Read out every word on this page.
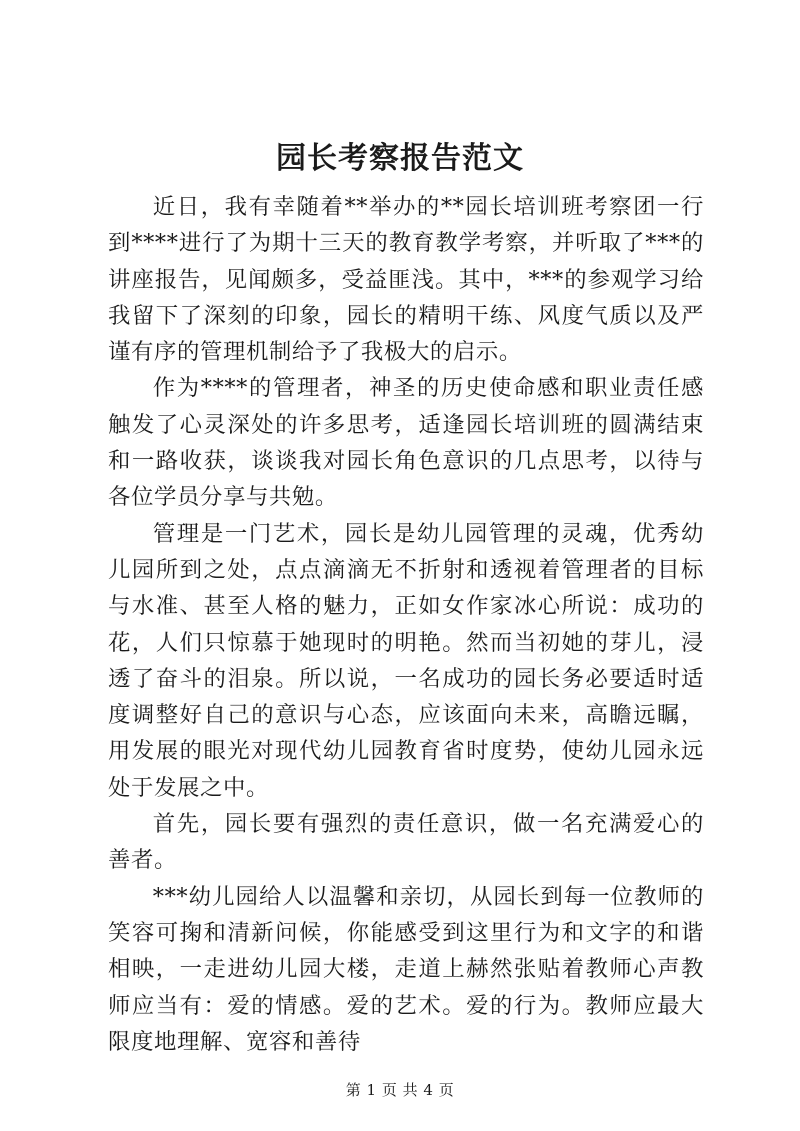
园长考察报告范文

近日，我有幸随着**举办的**园长培训班考察团一行到****进行了为期十三天的教育教学考察，并听取了***的讲座报告，见闻颇多，受益匪浅。其中，***的参观学习给我留下了深刻的印象，园长的精明干练、风度气质以及严谨有序的管理机制给予了我极大的启示。

作为****的管理者，神圣的历史使命感和职业责任感触发了心灵深处的许多思考，适逢园长培训班的圆满结束和一路收获，谈谈我对园长角色意识的几点思考，以待与各位学员分享与共勉。

管理是一门艺术，园长是幼儿园管理的灵魂，优秀幼儿园所到之处，点点滴滴无不折射和透视着管理者的目标与水准、甚至人格的魅力，正如女作家冰心所说：成功的花，人们只惊慕于她现时的明艳。然而当初她的芽儿，浸透了奋斗的泪泉。所以说，一名成功的园长务必要适时适度调整好自己的意识与心态，应该面向未来，高瞻远瞩，用发展的眼光对现代幼儿园教育省时度势，使幼儿园永远处于发展之中。

首先，园长要有强烈的责任意识，做一名充满爱心的善者。

***幼儿园给人以温馨和亲切，从园长到每一位教师的笑容可掬和清新问候，你能感受到这里行为和文字的和谐相映，一走进幼儿园大楼，走道上赫然张贴着教师心声教师应当有：爱的情感。爱的艺术。爱的行为。教师应最大限度地理解、宽容和善待

第 1 页 共 4 页
